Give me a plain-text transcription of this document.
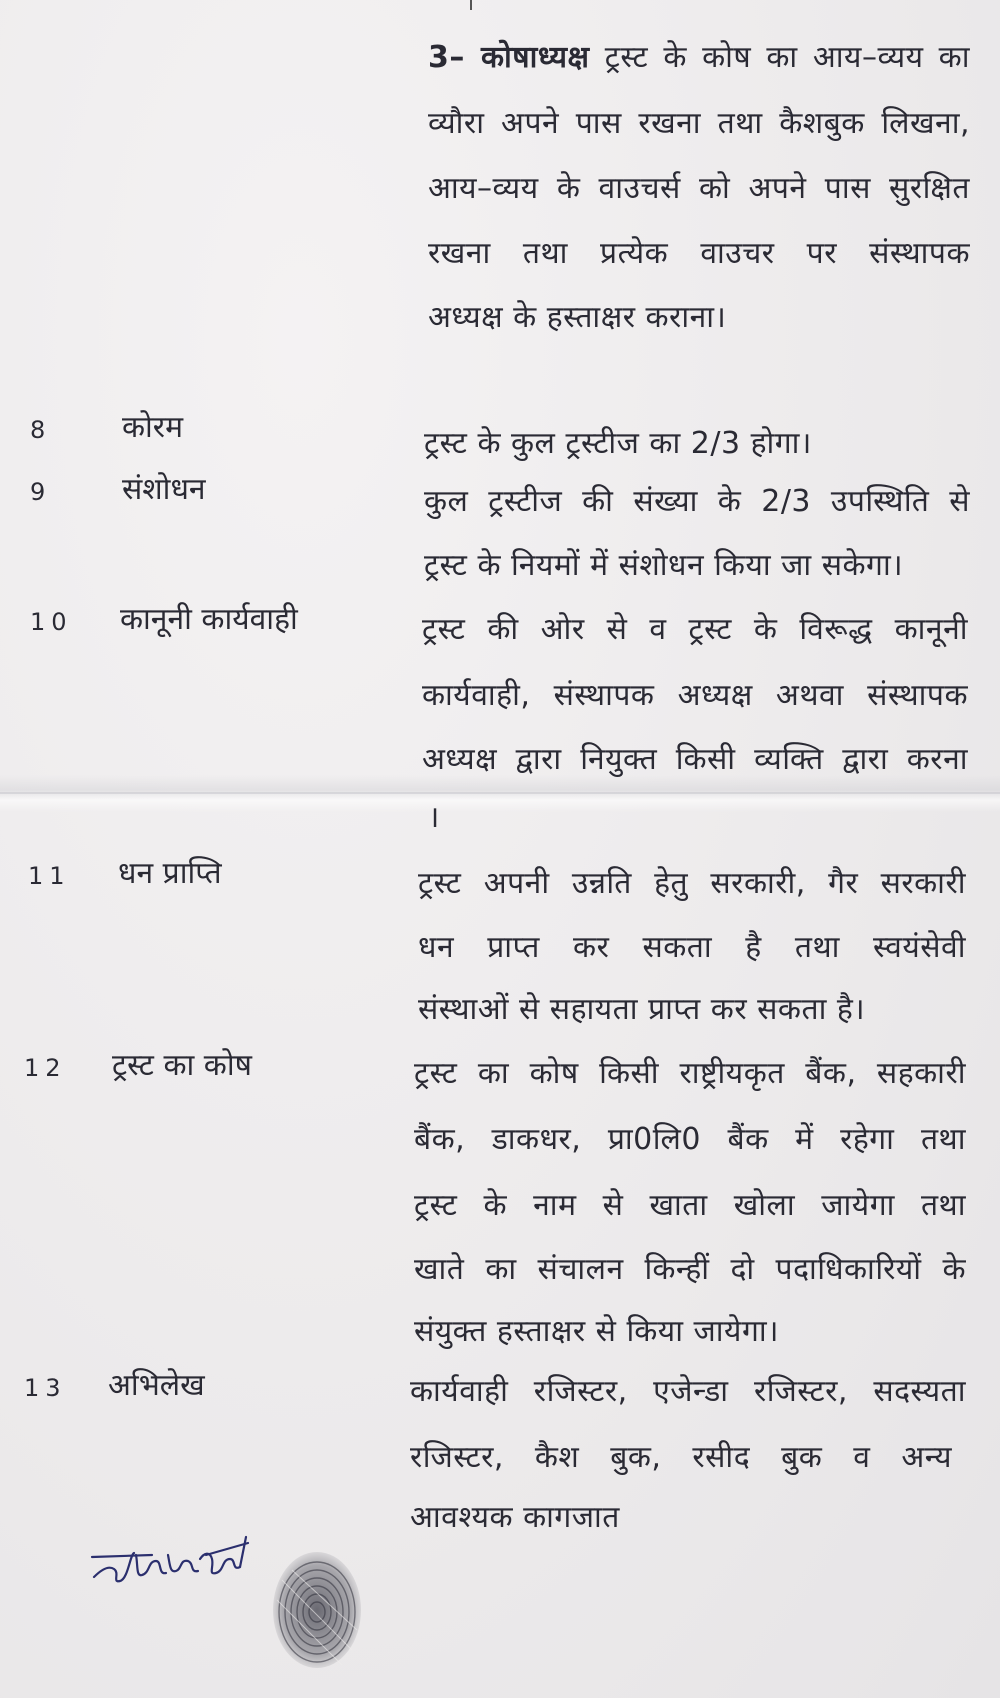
3– कोषाध्यक्ष ट्रस्ट के कोष का आय–व्यय का
व्यौरा अपने पास रखना तथा कैशबुक लिखना,
आय–व्यय के वाउचर्स को अपने पास सुरक्षित
रखना तथा प्रत्येक वाउचर पर संस्थापक
अध्यक्ष के हस्ताक्षर कराना।
8 कोरम	ट्रस्ट के कुल ट्रस्टीज का 2/3 होगा।
9 संशोधन	कुल ट्रस्टीज की संख्या के 2/3 उपस्थिति से
ट्रस्ट के नियमों में संशोधन किया जा सकेगा।
10 कानूनी कार्यवाही	ट्रस्ट की ओर से व ट्रस्ट के विरूद्ध कानूनी
कार्यवाही, संस्थापक अध्यक्ष अथवा संस्थापक
अध्यक्ष द्वारा नियुक्त किसी व्यक्ति द्वारा करना
।
11 धन प्राप्ति	ट्रस्ट अपनी उन्नति हेतु सरकारी, गैर सरकारी
धन प्राप्त कर सकता है तथा स्वयंसेवी
संस्थाओं से सहायता प्राप्त कर सकता है।
12 ट्रस्ट का कोष	ट्रस्ट का कोष किसी राष्ट्रीयकृत बैंक, सहकारी
बैंक, डाकधर, प्रा0लि0 बैंक में रहेगा तथा
ट्रस्ट के नाम से खाता खोला जायेगा तथा
खाते का संचालन किन्हीं दो पदाधिकारियों के
संयुक्त हस्ताक्षर से किया जायेगा।
13 अभिलेख	कार्यवाही रजिस्टर, एजेन्डा रजिस्टर, सदस्यता
रजिस्टर, कैश बुक, रसीद बुक व अन्य
आवश्यक कागजात
